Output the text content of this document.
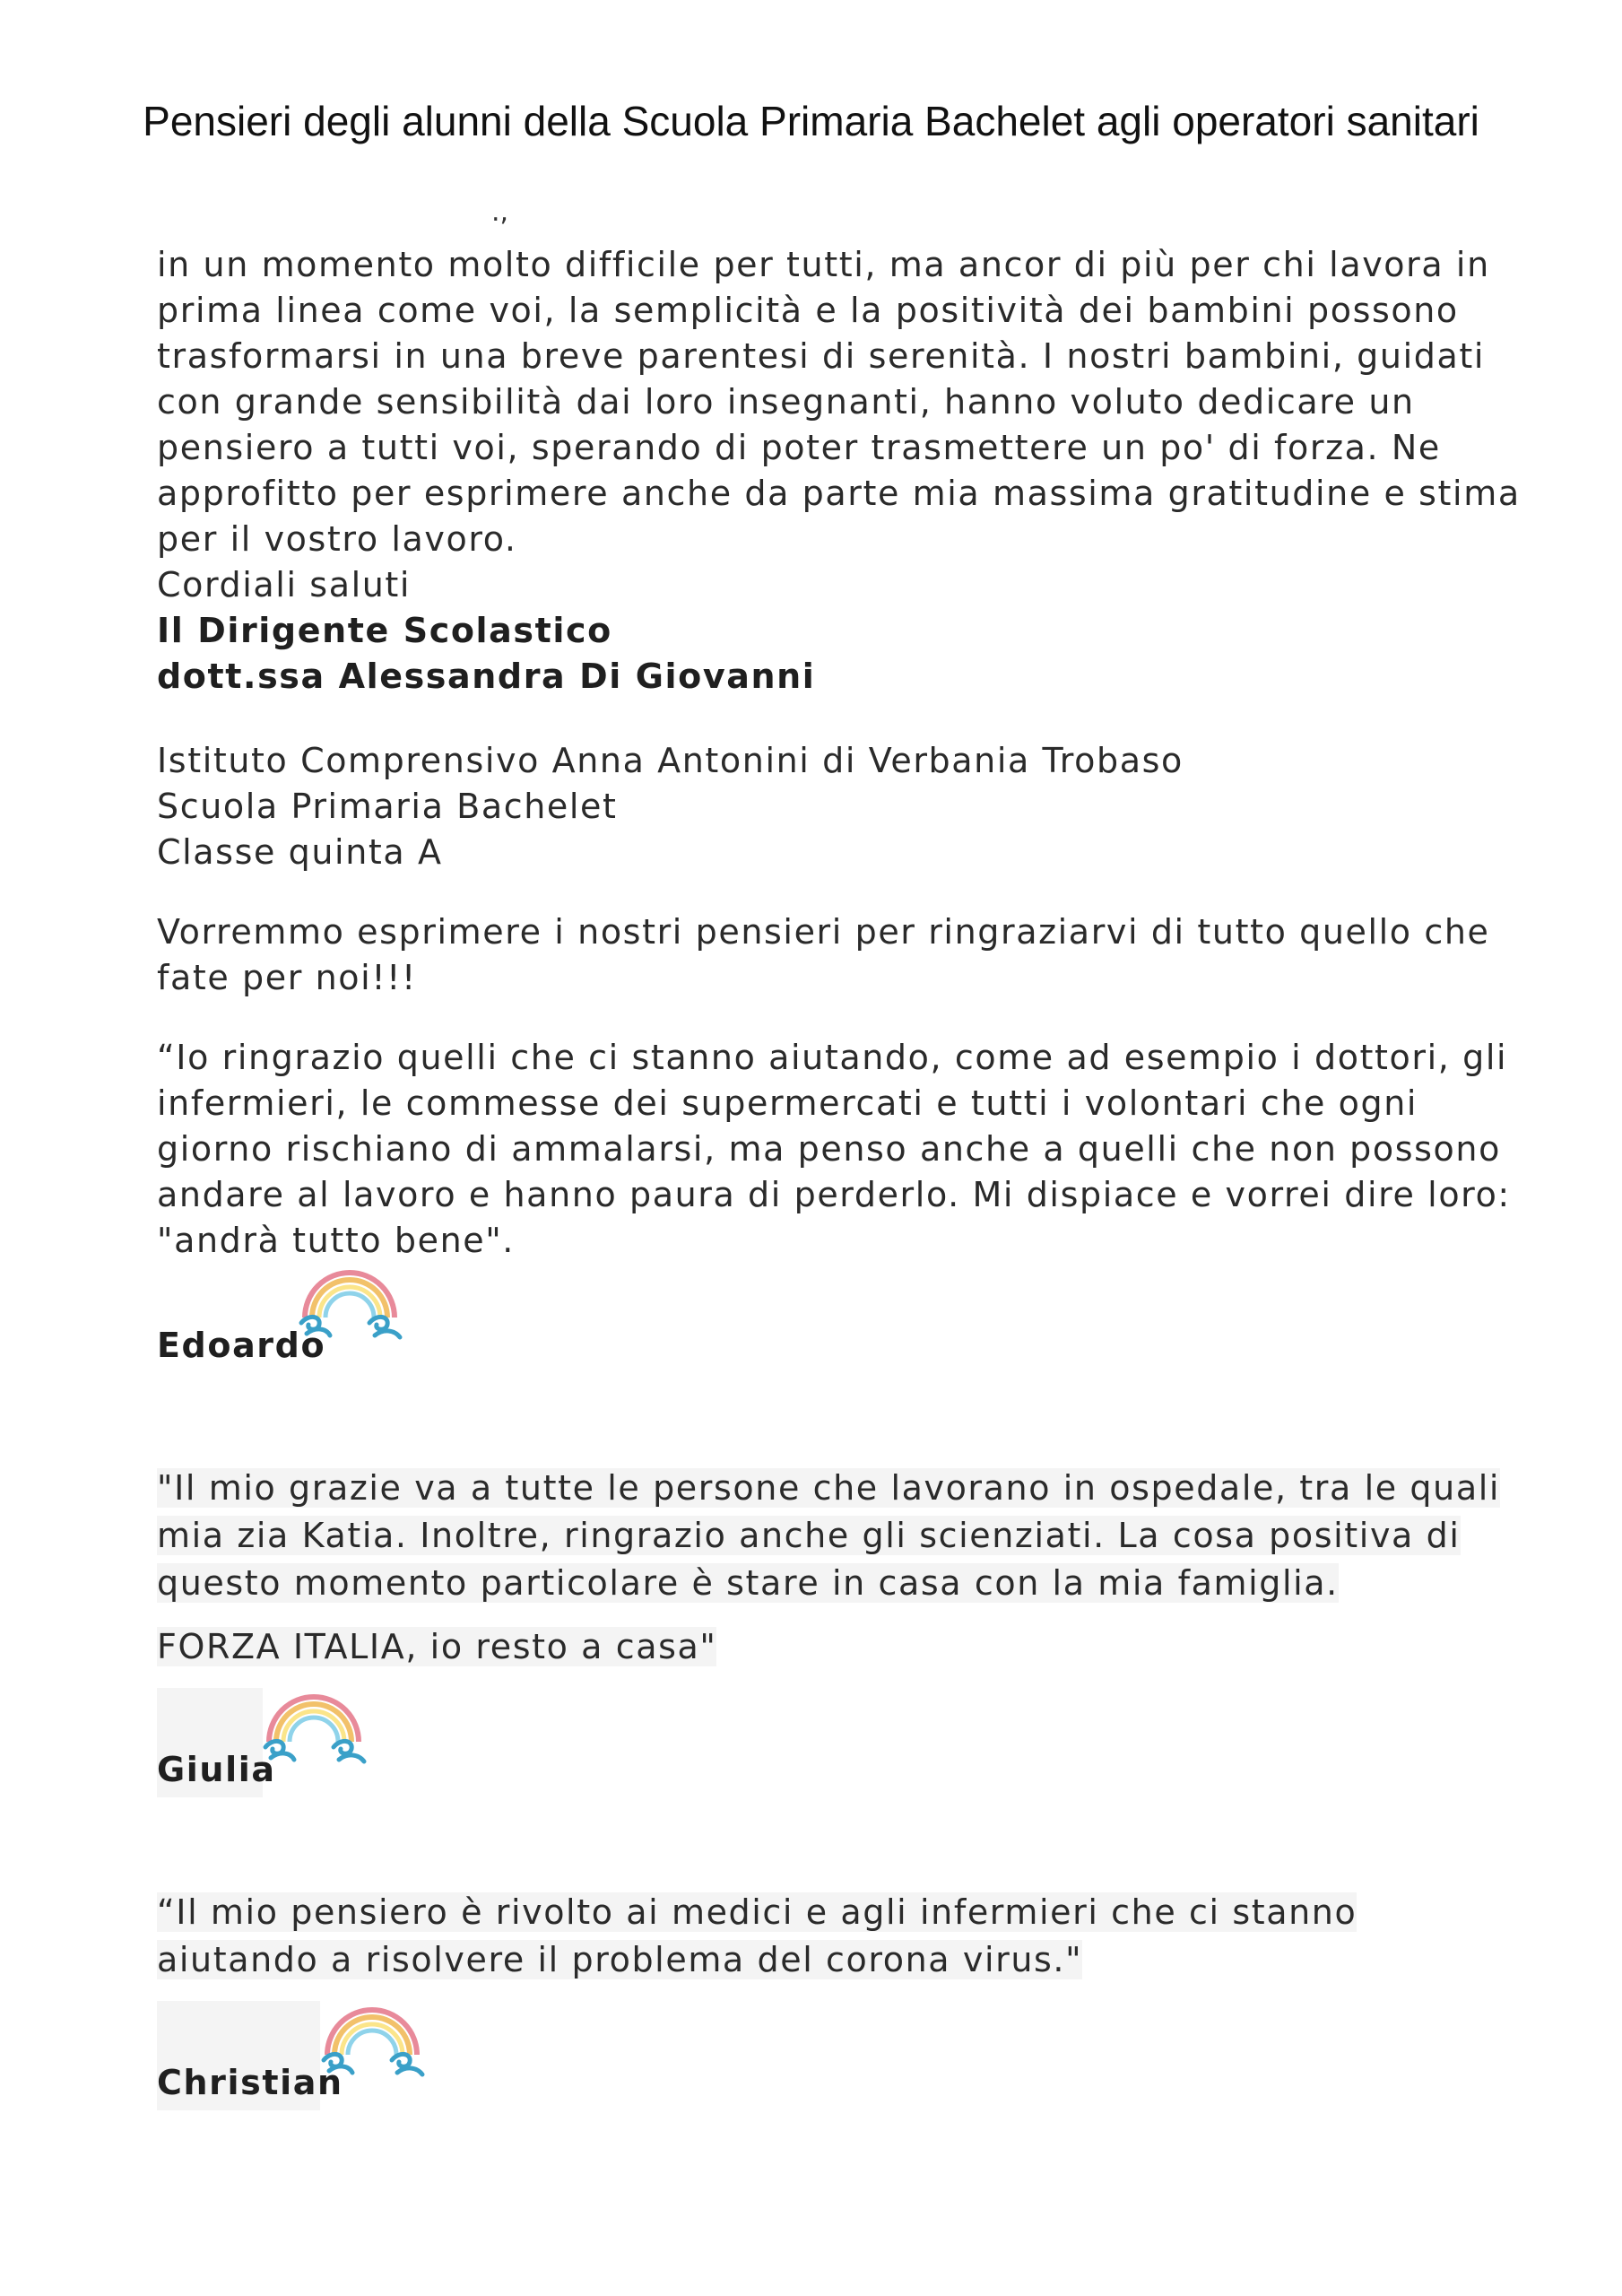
Pensieri degli alunni della Scuola Primaria Bachelet agli operatori sanitari
.,
in un momento molto difficile per tutti, ma ancor di più per chi lavora in
prima linea come voi, la semplicità e la positività dei bambini possono
trasformarsi in una breve parentesi di serenità. I nostri bambini, guidati
con grande sensibilità dai loro insegnanti, hanno voluto dedicare un
pensiero a tutti voi, sperando di poter trasmettere un po' di forza. Ne
approfitto per esprimere anche da parte mia massima gratitudine e stima
per il vostro lavoro.
Cordiali saluti
Il Dirigente Scolastico
dott.ssa Alessandra Di Giovanni
Istituto Comprensivo Anna Antonini di Verbania Trobaso
Scuola Primaria Bachelet
Classe quinta A
Vorremmo esprimere i nostri pensieri per ringraziarvi di tutto quello che
fate per noi!!!
“Io ringrazio quelli che ci stanno aiutando, come ad esempio i dottori, gli
infermieri, le commesse dei supermercati e tutti i volontari che ogni
giorno rischiano di ammalarsi, ma penso anche a quelli che non possono
andare al lavoro e hanno paura di perderlo. Mi dispiace e vorrei dire loro:
"andrà tutto bene".
Edoardo
"Il mio grazie va a tutte le persone che lavorano in ospedale, tra le quali
mia zia Katia. Inoltre, ringrazio anche gli scienziati. La cosa positiva di
questo momento particolare è stare in casa con la mia famiglia.
FORZA ITALIA, io resto a casa"
Giulia
“Il mio pensiero è rivolto ai medici e agli infermieri che ci stanno
aiutando a risolvere il problema del corona virus."
Christian
